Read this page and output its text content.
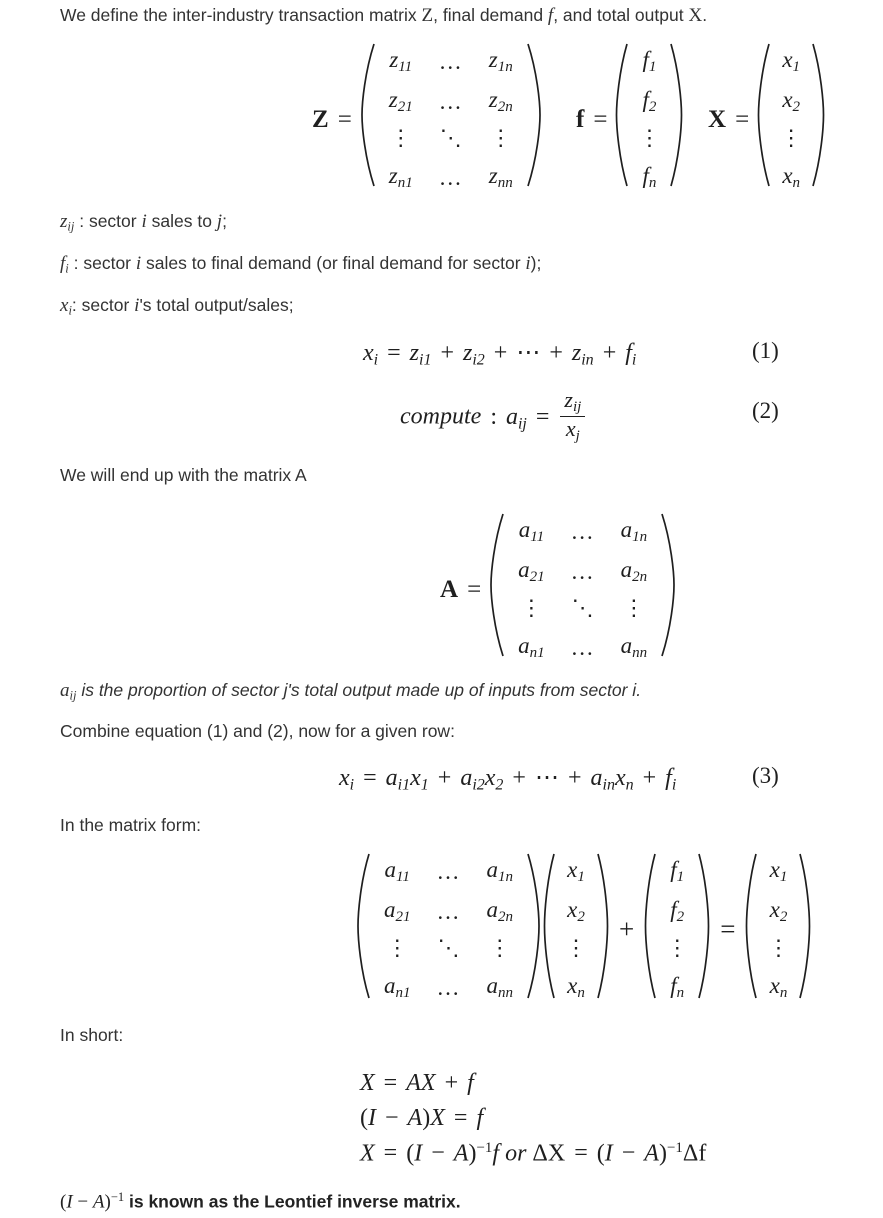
We define the inter-industry transaction matrix Z, final demand f, and total output X.
Z =
z11	…	z1n
z21	…	z2n
⋮	⋱	⋮
zn1	…	znn
f =
f1
f2
⋮
fn
X =
x1
x2
⋮
xn
$z_{ij}$ : sector i sales to j;
$f_i$ : sector i sales to final demand (or final demand for sector i);
$x_i$: sector i's total output/sales;
xi = zi1 + zi2 + ⋯ + zin + fi	(1)
compute : aij = $\frac{\text{zij}}{xj}$	(2)
We will end up with the matrix A
A =
a11	…	a1n
a21	…	a2n
⋮	⋱	⋮
an1	…	ann
$a_{ij}$ is the proportion of sector j's total output made up of inputs from sector i.
Combine equation (1) and (2), now for a given row:
xi = ai1x1 + ai2x2 + ⋯ + ainxn + fi	(3)
In the matrix form:
a11	…	a1n
a21	…	a2n
⋮	⋱	⋮
an1	…	ann
x1
x2
⋮
xn
+
f1
f2
⋮
fn
=
x1
x2
⋮
xn
In short:
X = AX + f
(I − A)X = f
$X = (I - A)^{-1}f$ or $\Delta X = (I - A)^{-1}\Delta f$
$(I - A)^{-1}$ is known as the Leontief inverse matrix.
